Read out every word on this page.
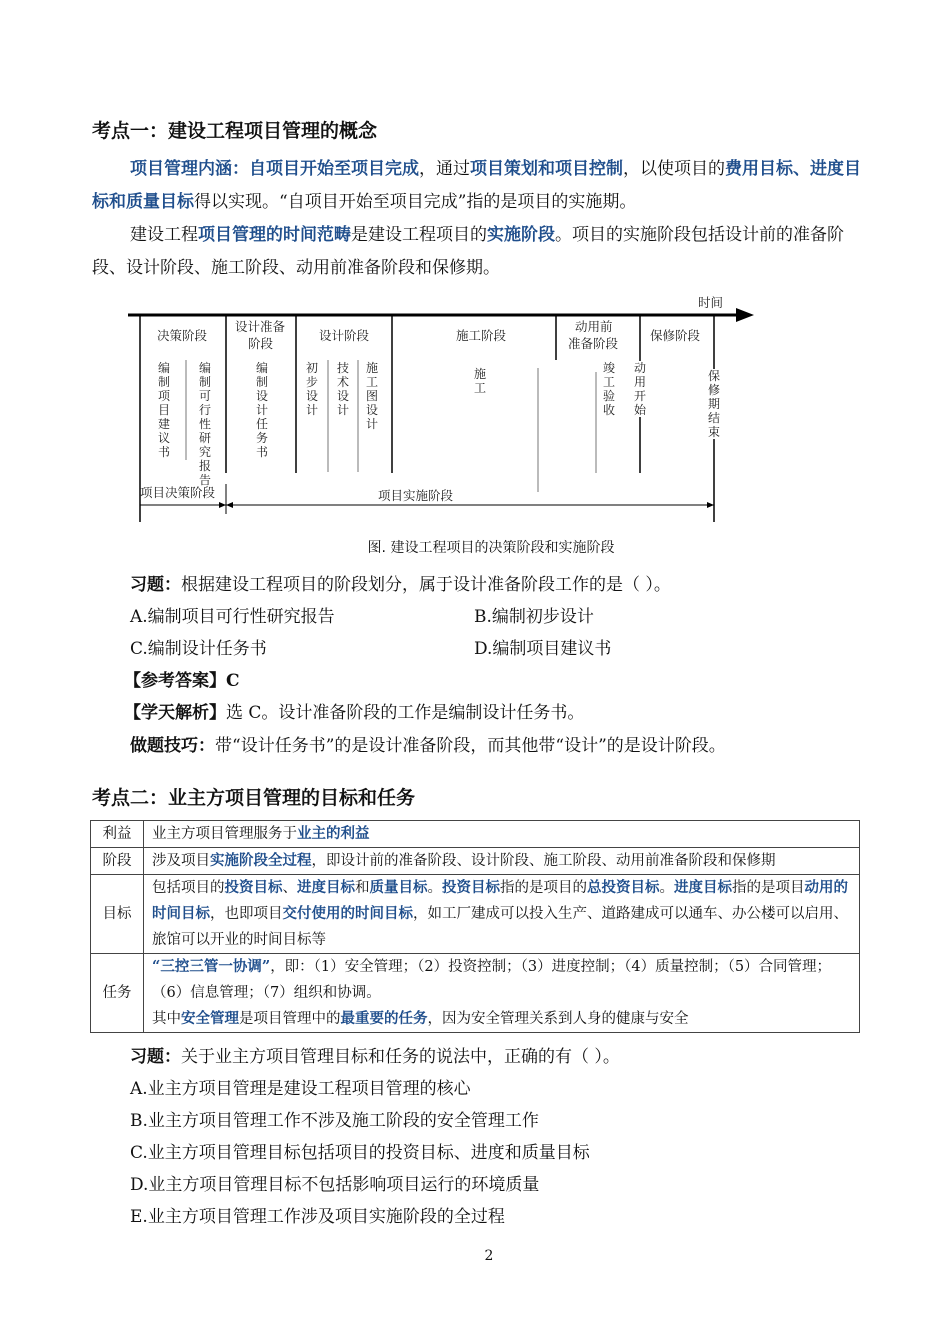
考点一：建设工程项目管理的概念
项目管理内涵：自项目开始至项目完成，通过项目策划和项目控制，以使项目的费用目标、进度目标和质量目标得以实现。“自项目开始至项目完成”指的是项目的实施期。
建设工程项目管理的时间范畴是建设工程项目的实施阶段。项目的实施阶段包括设计前的准备阶段、设计阶段、施工阶段、动用前准备阶段和保修期。
时间
决策阶段
设计准备
阶段
设计阶段	施工阶段
动用前
准备阶段
保修阶段
编制项目建议书
编制可行性研究报告
编制设计任务书
初步设计
技术设计
施工图设计
施工
竣工验收
动用开始
保修期结束
项目决策阶段	项目实施阶段
图. 建设工程项目的决策阶段和实施阶段
习题：根据建设工程项目的阶段划分，属于设计准备阶段工作的是（ ）。
A.编制项目可行性研究报告	B.编制初步设计
C.编制设计任务书	D.编制项目建议书
【参考答案】C
【学天解析】选 C。设计准备阶段的工作是编制设计任务书。
做题技巧：带“设计任务书”的是设计准备阶段，而其他带“设计”的是设计阶段。
考点二：业主方项目管理的目标和任务
利益	业主方项目管理服务于业主的利益
阶段	涉及项目实施阶段全过程，即设计前的准备阶段、设计阶段、施工阶段、动用前准备阶段和保修期
目标	包括项目的投资目标、进度目标和质量目标。投资目标指的是项目的总投资目标。进度目标指的是项目动用的时间目标，也即项目交付使用的时间目标，如工厂建成可以投入生产、道路建成可以通车、办公楼可以启用、旅馆可以开业的时间目标等
任务	“三控三管一协调”，即：（1）安全管理；（2）投资控制；（3）进度控制；（4）质量控制；（5）合同管理；（6）信息管理；（7）组织和协调。
其中安全管理是项目管理中的最重要的任务，因为安全管理关系到人身的健康与安全
习题：关于业主方项目管理目标和任务的说法中，正确的有（ ）。
A.业主方项目管理是建设工程项目管理的核心
B.业主方项目管理工作不涉及施工阶段的安全管理工作
C.业主方项目管理目标包括项目的投资目标、进度和质量目标
D.业主方项目管理目标不包括影响项目运行的环境质量
E.业主方项目管理工作涉及项目实施阶段的全过程
2
